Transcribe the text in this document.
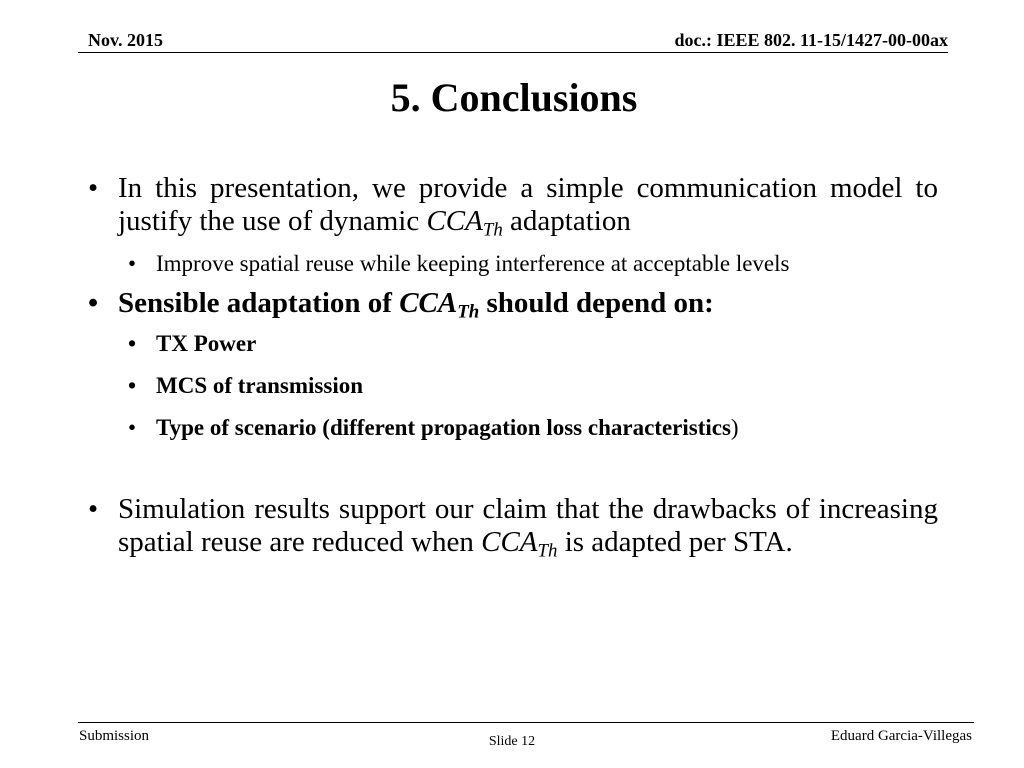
Nov. 2015	doc.: IEEE 802. 11-15/1427-00-00ax
5. Conclusions
• In this presentation, we provide a simple communication model to justify the use of dynamic $CCA_{Th}$ adaptation
• Improve spatial reuse while keeping interference at acceptable levels
• Sensible adaptation of $CCA_{Th}$ should depend on:
• TX Power
• MCS of transmission
• Type of scenario (different propagation loss characteristics)
• Simulation results support our claim that the drawbacks of increasing spatial reuse are reduced when $CCA_{Th}$ is adapted per STA.
Submission	Slide 12	Eduard Garcia-Villegas
